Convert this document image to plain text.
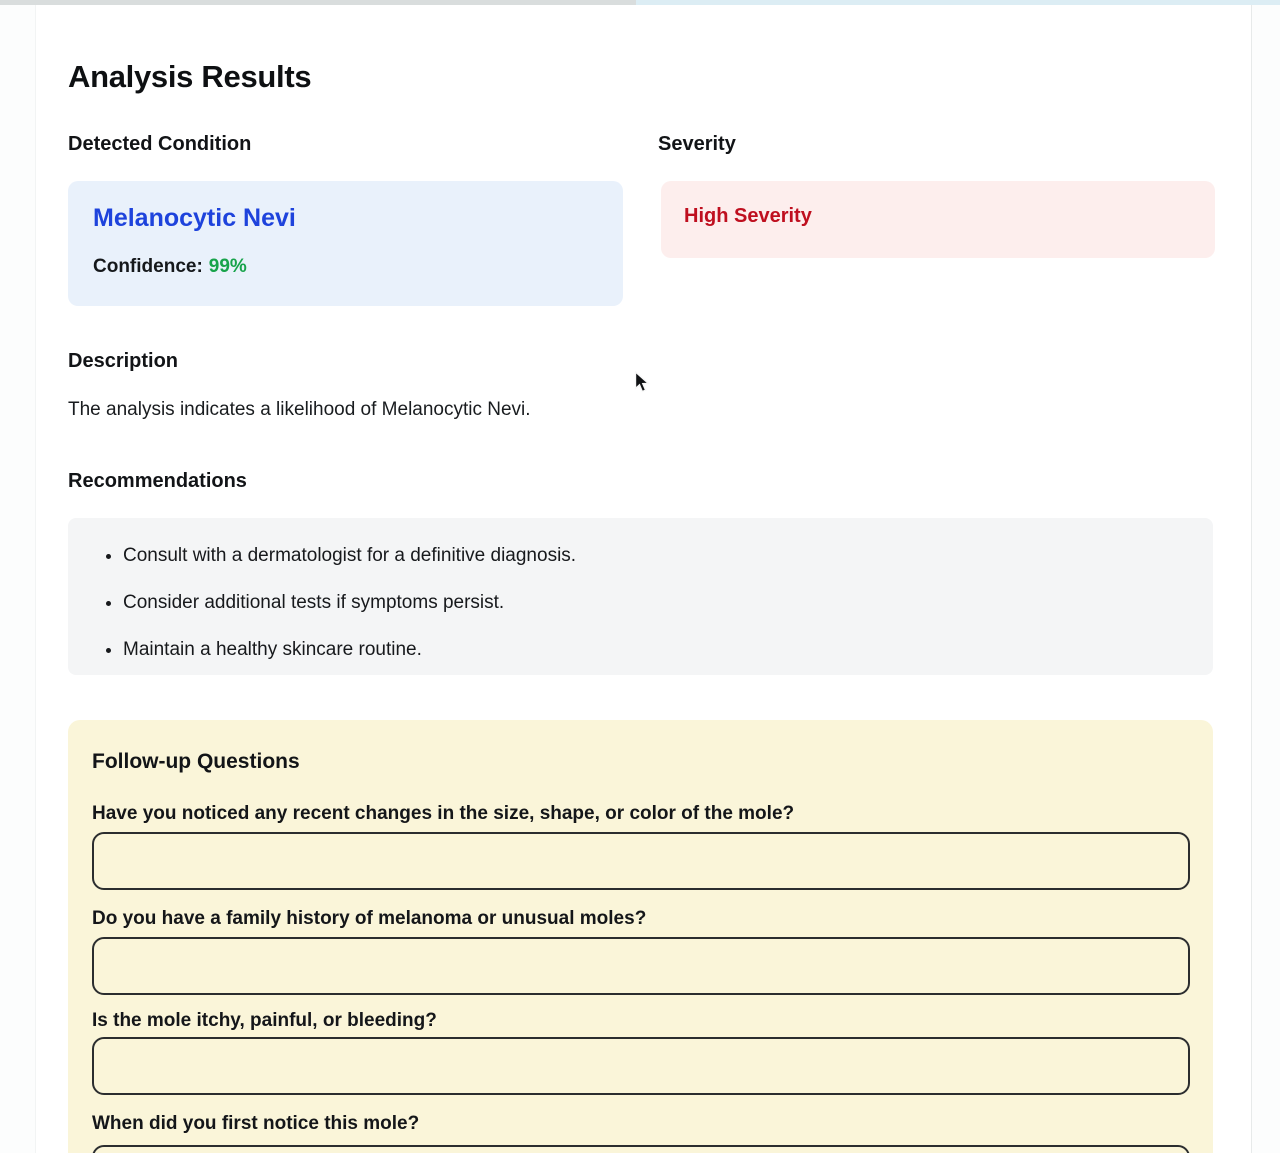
Analysis Results
Detected Condition	Severity
Melanocytic Nevi
Confidence: 99%
High Severity
Description
The analysis indicates a likelihood of Melanocytic Nevi.
Recommendations
• Consult with a dermatologist for a definitive diagnosis.
• Consider additional tests if symptoms persist.
• Maintain a healthy skincare routine.
Follow-up Questions
Have you noticed any recent changes in the size, shape, or color of the mole?
Do you have a family history of melanoma or unusual moles?
Is the mole itchy, painful, or bleeding?
When did you first notice this mole?
